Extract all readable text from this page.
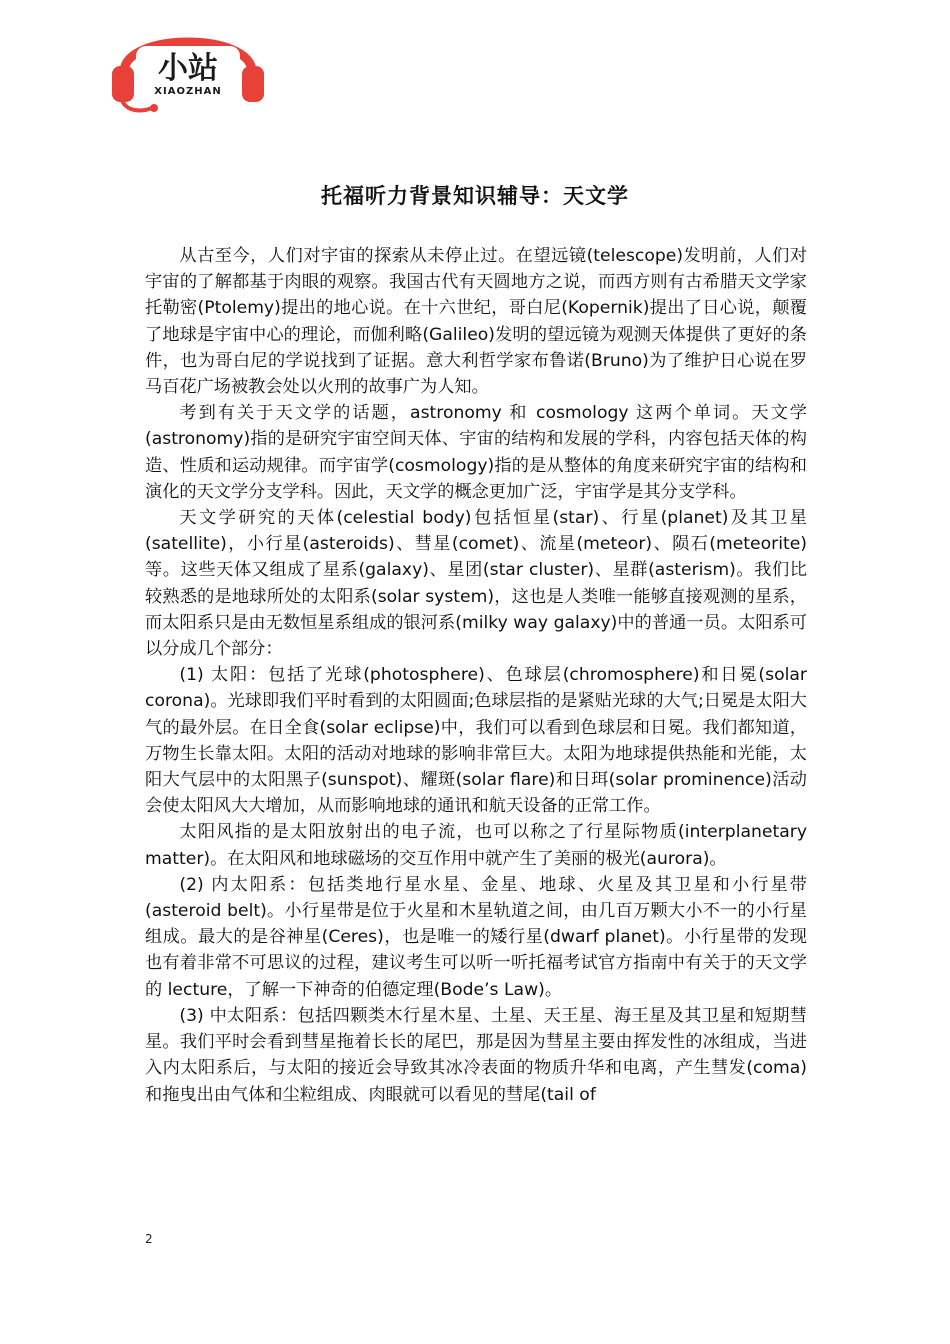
小站
XIAOZHAN
托福听力背景知识辅导：天文学

从古至今，人们对宇宙的探索从未停止过。在望远镜(telescope)发明前，人们对宇宙的了解都基于肉眼的观察。我国古代有天圆地方之说，而西方则有古希腊天文学家托勒密(Ptolemy)提出的地心说。在十六世纪，哥白尼(Kopernik)提出了日心说，颠覆了地球是宇宙中心的理论，而伽利略(Galileo)发明的望远镜为观测天体提供了更好的条件，也为哥白尼的学说找到了证据。意大利哲学家布鲁诺(Bruno)为了维护日心说在罗马百花广场被教会处以火刑的故事广为人知。

考到有关于天文学的话题，astronomy 和 cosmology 这两个单词。天文学(astronomy)指的是研究宇宙空间天体、宇宙的结构和发展的学科，内容包括天体的构造、性质和运动规律。而宇宙学(cosmology)指的是从整体的角度来研究宇宙的结构和演化的天文学分支学科。因此，天文学的概念更加广泛，宇宙学是其分支学科。

天文学研究的天体(celestial body)包括恒星(star)、行星(planet)及其卫星(satellite)，小行星(asteroids)、彗星(comet)、流星(meteor)、陨石(meteorite)等。这些天体又组成了星系(galaxy)、星团(star cluster)、星群(asterism)。我们比较熟悉的是地球所处的太阳系(solar system)，这也是人类唯一能够直接观测的星系，而太阳系只是由无数恒星系组成的银河系(milky way galaxy)中的普通一员。太阳系可以分成几个部分：

(1) 太阳：包括了光球(photosphere)、色球层(chromosphere)和日冕(solar corona)。光球即我们平时看到的太阳圆面;色球层指的是紧贴光球的大气;日冕是太阳大气的最外层。在日全食(solar eclipse)中，我们可以看到色球层和日冕。我们都知道，万物生长靠太阳。太阳的活动对地球的影响非常巨大。太阳为地球提供热能和光能，太阳大气层中的太阳黑子(sunspot)、耀斑(solar flare)和日珥(solar prominence)活动会使太阳风大大增加，从而影响地球的通讯和航天设备的正常工作。

太阳风指的是太阳放射出的电子流，也可以称之了行星际物质(interplanetary matter)。在太阳风和地球磁场的交互作用中就产生了美丽的极光(aurora)。

(2) 内太阳系：包括类地行星水星、金星、地球、火星及其卫星和小行星带(asteroid belt)。小行星带是位于火星和木星轨道之间，由几百万颗大小不一的小行星组成。最大的是谷神星(Ceres)，也是唯一的矮行星(dwarf planet)。小行星带的发现也有着非常不可思议的过程，建议考生可以听一听托福考试官方指南中有关于的天文学的 lecture，了解一下神奇的伯德定理(Bode’s Law)。

(3) 中太阳系：包括四颗类木行星木星、土星、天王星、海王星及其卫星和短期彗星。我们平时会看到彗星拖着长长的尾巴，那是因为彗星主要由挥发性的冰组成，当进入内太阳系后，与太阳的接近会导致其冰冷表面的物质升华和电离，产生彗发(coma)和拖曳出由气体和尘粒组成、肉眼就可以看见的彗尾(tail of

2
